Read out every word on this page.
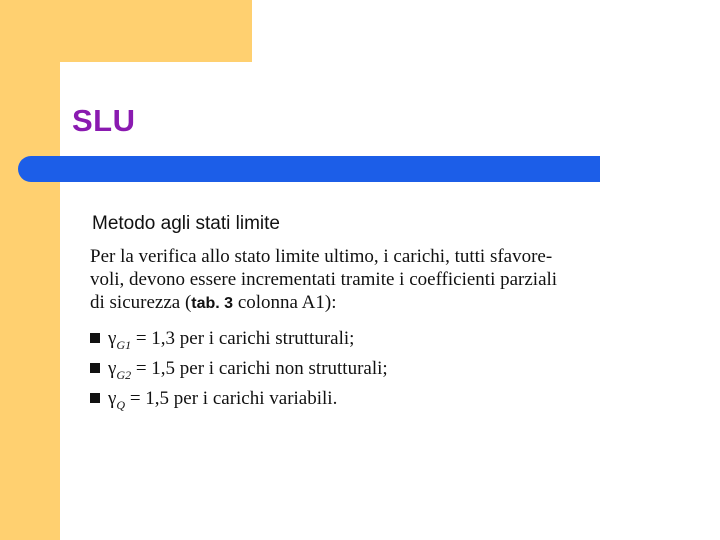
SLU
Metodo agli stati limite
Per la verifica allo stato limite ultimo, i carichi, tutti sfavore-
voli, devono essere incrementati tramite i coefficienti parziali
di sicurezza (tab. 3 colonna A1):
γ G1
= 1,3 per i carichi strutturali;
γ G2
= 1,5 per i carichi non strutturali;
γ Q
= 1,5 per i carichi variabili.
